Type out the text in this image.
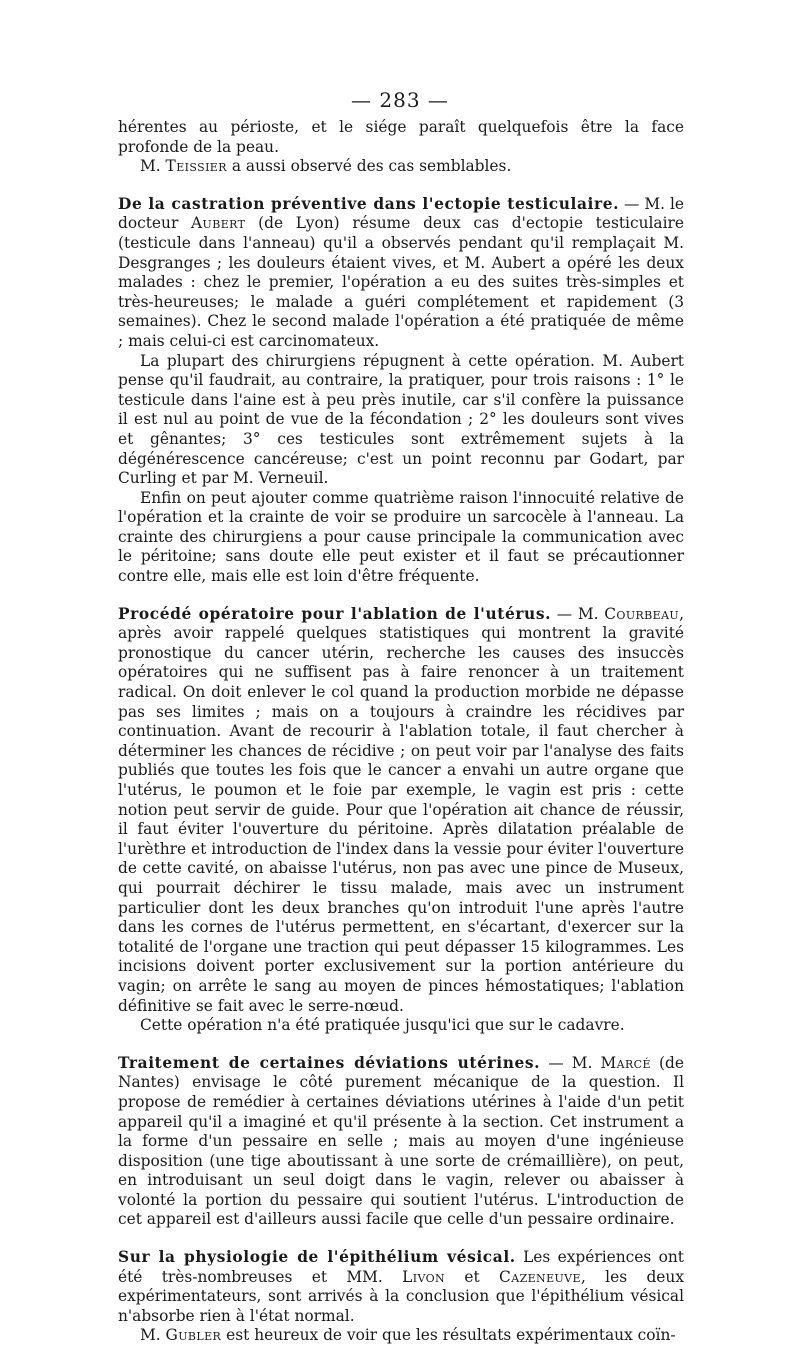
— 283 —

hérentes au périoste, et le siége paraît quelquefois être la face profonde de la peau.

M. Teissier a aussi observé des cas semblables.

De la castration préventive dans l'ectopie testiculaire. — M. le docteur Aubert (de Lyon) résume deux cas d'ectopie testiculaire (testicule dans l'anneau) qu'il a observés pendant qu'il remplaçait M. Desgranges ; les douleurs étaient vives, et M. Aubert a opéré les deux malades : chez le premier, l'opération a eu des suites très-simples et très-heureuses; le malade a guéri complétement et rapidement (3 semaines). Chez le second malade l'opération a été pratiquée de même ; mais celui-ci est carcinomateux.

La plupart des chirurgiens répugnent à cette opération. M. Aubert pense qu'il faudrait, au contraire, la pratiquer, pour trois raisons : 1° le testicule dans l'aine est à peu près inutile, car s'il confère la puissance il est nul au point de vue de la fécondation ; 2° les douleurs sont vives et gênantes; 3° ces testicules sont extrêmement sujets à la dégénérescence cancéreuse; c'est un point reconnu par Godart, par Curling et par M. Verneuil.

Enfin on peut ajouter comme quatrième raison l'innocuité relative de l'opération et la crainte de voir se produire un sarcocèle à l'anneau. La crainte des chirurgiens a pour cause principale la communication avec le péritoine; sans doute elle peut exister et il faut se précautionner contre elle, mais elle est loin d'être fréquente.

Procédé opératoire pour l'ablation de l'utérus. — M. Courbeau, après avoir rappelé quelques statistiques qui montrent la gravité pronostique du cancer utérin, recherche les causes des insuccès opératoires qui ne suffisent pas à faire renoncer à un traitement radical. On doit enlever le col quand la production morbide ne dépasse pas ses limites ; mais on a toujours à craindre les récidives par continuation. Avant de recourir à l'ablation totale, il faut chercher à déterminer les chances de récidive ; on peut voir par l'analyse des faits publiés que toutes les fois que le cancer a envahi un autre organe que l'utérus, le poumon et le foie par exemple, le vagin est pris : cette notion peut servir de guide. Pour que l'opération ait chance de réussir, il faut éviter l'ouverture du péritoine. Après dilatation préalable de l'urèthre et introduction de l'index dans la vessie pour éviter l'ouverture de cette cavité, on abaisse l'utérus, non pas avec une pince de Museux, qui pourrait déchirer le tissu malade, mais avec un instrument particulier dont les deux branches qu'on introduit l'une après l'autre dans les cornes de l'utérus permettent, en s'écartant, d'exercer sur la totalité de l'organe une traction qui peut dépasser 15 kilogrammes. Les incisions doivent porter exclusivement sur la portion antérieure du vagin; on arrête le sang au moyen de pinces hémostatiques; l'ablation définitive se fait avec le serre-nœud.

Cette opération n'a été pratiquée jusqu'ici que sur le cadavre.

Traitement de certaines déviations utérines. — M. Marcé (de Nantes) envisage le côté purement mécanique de la question. Il propose de remédier à certaines déviations utérines à l'aide d'un petit appareil qu'il a imaginé et qu'il présente à la section. Cet instrument a la forme d'un pessaire en selle ; mais au moyen d'une ingénieuse disposition (une tige aboutissant à une sorte de crémaillière), on peut, en introduisant un seul doigt dans le vagin, relever ou abaisser à volonté la portion du pessaire qui soutient l'utérus. L'introduction de cet appareil est d'ailleurs aussi facile que celle d'un pessaire ordinaire.

Sur la physiologie de l'épithélium vésical. Les expériences ont été très-nombreuses et MM. Livon et Cazeneuve, les deux expérimentateurs, sont arrivés à la conclusion que l'épithélium vésical n'absorbe rien à l'état normal.

M. Gubler est heureux de voir que les résultats expérimentaux coïn-
